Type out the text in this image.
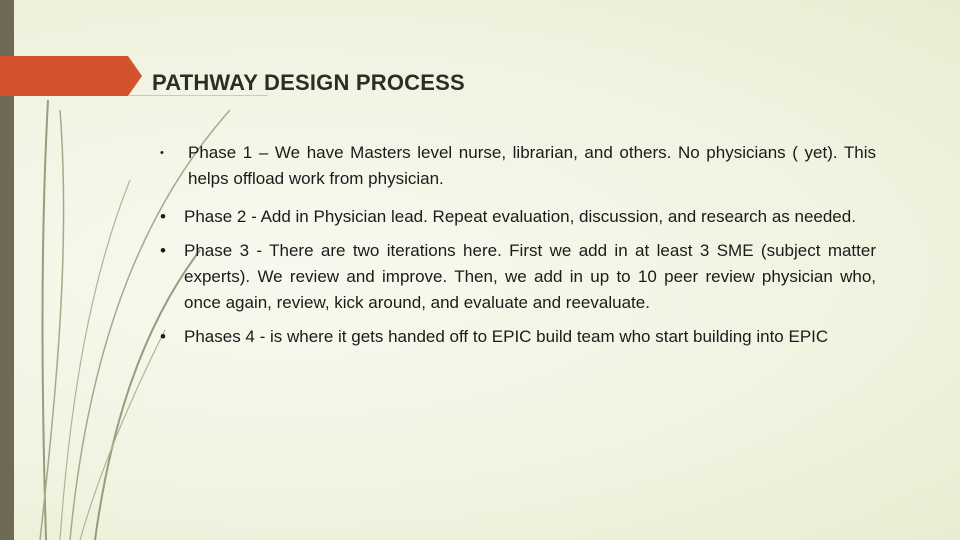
PATHWAY DESIGN PROCESS
•	Phase 1 – We have Masters level nurse, librarian, and others. No physicians ( yet). This helps offload work from physician.
•	Phase 2 - Add in Physician lead. Repeat evaluation, discussion, and research as needed.
•	Phase 3 - There are two iterations here. First we add in at least 3 SME (subject matter experts). We review and improve. Then, we add in up to 10 peer review physician who, once again, review, kick around, and evaluate and reevaluate.
•	Phases 4 - is where it gets handed off to EPIC build team who start building into EPIC
